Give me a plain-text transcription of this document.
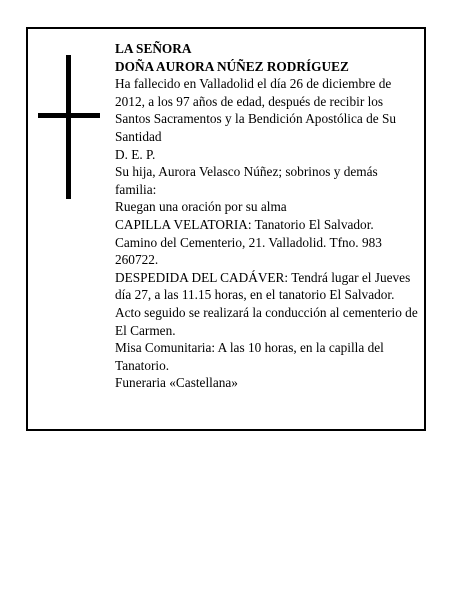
LA SEÑORA

DOÑA AURORA NÚÑEZ RODRÍGUEZ

Ha fallecido en Valladolid el día 26 de diciembre de 2012, a los 97 años de edad, después de recibir los Santos Sacramentos y la Bendición Apostólica de Su Santidad

D. E. P.

Su hija, Aurora Velasco Núñez; sobrinos y demás familia:

Ruegan una oración por su alma

CAPILLA VELATORIA: Tanatorio El Salvador. Camino del Cementerio, 21. Valladolid. Tfno. 983 260722.

DESPEDIDA DEL CADÁVER: Tendrá lugar el Jueves día 27, a las 11.15 horas, en el tanatorio El Salvador. Acto seguido se realizará la conducción al cementerio de El Carmen.

Misa Comunitaria: A las 10 horas, en la capilla del Tanatorio.

Funeraria «Castellana»
